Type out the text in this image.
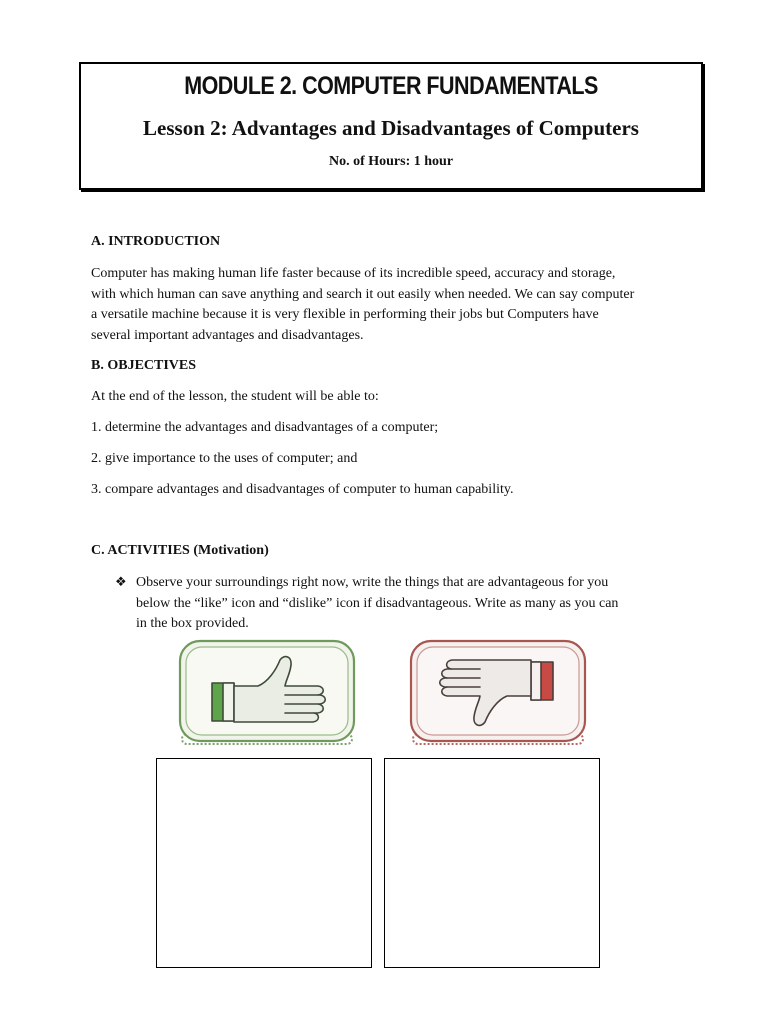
MODULE 2. COMPUTER FUNDAMENTALS
Lesson 2: Advantages and Disadvantages of Computers
No. of Hours: 1 hour
A. INTRODUCTION
Computer has making human life faster because of its incredible speed, accuracy and storage,
with which human can save anything and search it out easily when needed. We can say computer
a versatile machine because it is very flexible in performing their jobs but Computers have
several important advantages and disadvantages.
B. OBJECTIVES
At the end of the lesson, the student will be able to:
1. determine the advantages and disadvantages of a computer;
2. give importance to the uses of computer; and
3. compare advantages and disadvantages of computer to human capability.
C. ACTIVITIES (Motivation)
❖ Observe your surroundings right now, write the things that are advantageous for you
below the “like” icon and “dislike” icon if disadvantageous. Write as many as you can
in the box provided.
